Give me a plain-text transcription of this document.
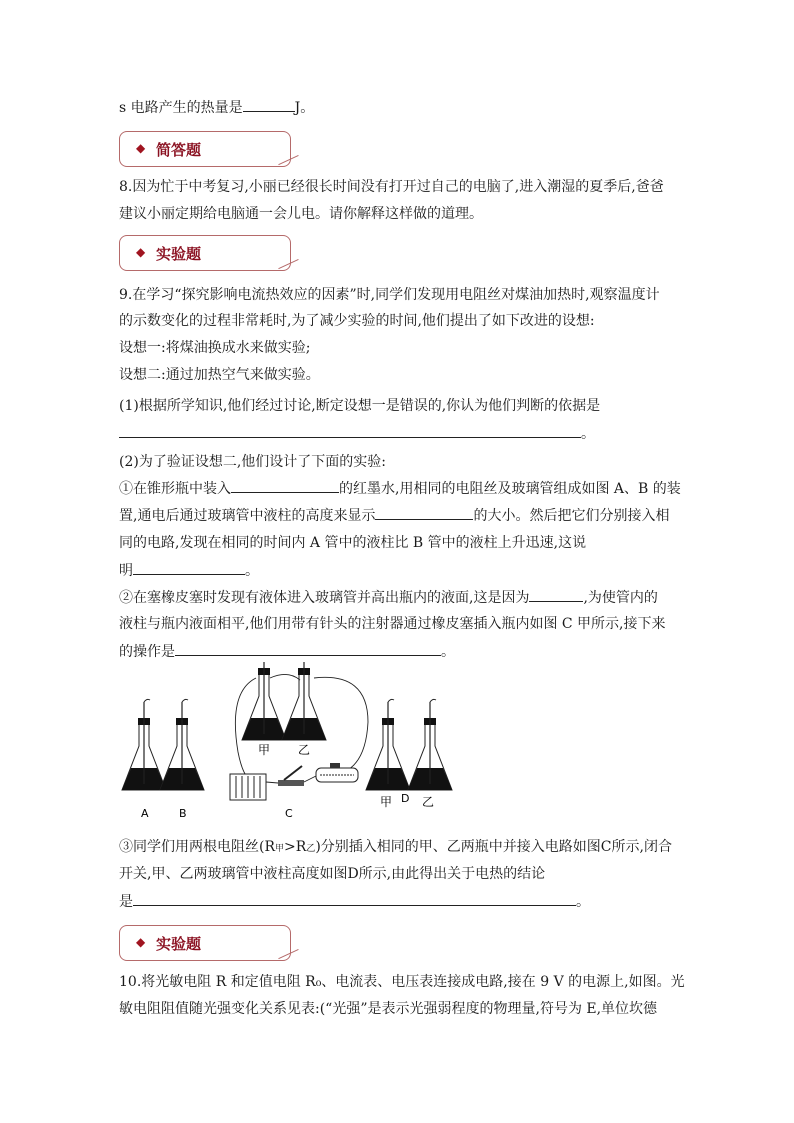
s 电路产生的热量是	J。
◆ 简答题
8.因为忙于中考复习,小丽已经很长时间没有打开过自己的电脑了,进入潮湿的夏季后,爸爸
建议小丽定期给电脑通一会儿电。请你解释这样做的道理。
◆ 实验题
9.在学习“探究影响电流热效应的因素”时,同学们发现用电阻丝对煤油加热时,观察温度计
的示数变化的过程非常耗时,为了减少实验的时间,他们提出了如下改进的设想:
设想一:将煤油换成水来做实验;
设想二:通过加热空气来做实验。
(1)根据所学知识,他们经过讨论,断定设想一是错误的,你认为他们判断的依据是
。
(2)为了验证设想二,他们设计了下面的实验:
①在锥形瓶中装入	的红墨水,用相同的电阻丝及玻璃管组成如图 A、B 的装
置,通电后通过玻璃管中液柱的高度来显示	的大小。然后把它们分别接入相
同的电路,发现在相同的时间内 A 管中的液柱比 B 管中的液柱上升迅速,这说
明	。
②在塞橡皮塞时发现有液体进入玻璃管并高出瓶内的液面,这是因为	,为使管内的
液柱与瓶内液面相平,他们用带有针头的注射器通过橡皮塞插入瓶内如图 C 甲所示,接下来
的操作是	。
A	B
甲 乙
C
D
甲 乙
③同学们用两根电阻丝(R甲>R乙)分别插入相同的甲、乙两瓶中并接入电路如图C所示,闭合
开关,甲、乙两玻璃管中液柱高度如图D所示,由此得出关于电热的结论
是	。
◆ 实验题
10.将光敏电阻 R 和定值电阻 R₀、电流表、电压表连接成电路,接在 9 V 的电源上,如图。光
敏电阻阻值随光强变化关系见表:(“光强”是表示光强弱程度的物理量,符号为 E,单位坎德
